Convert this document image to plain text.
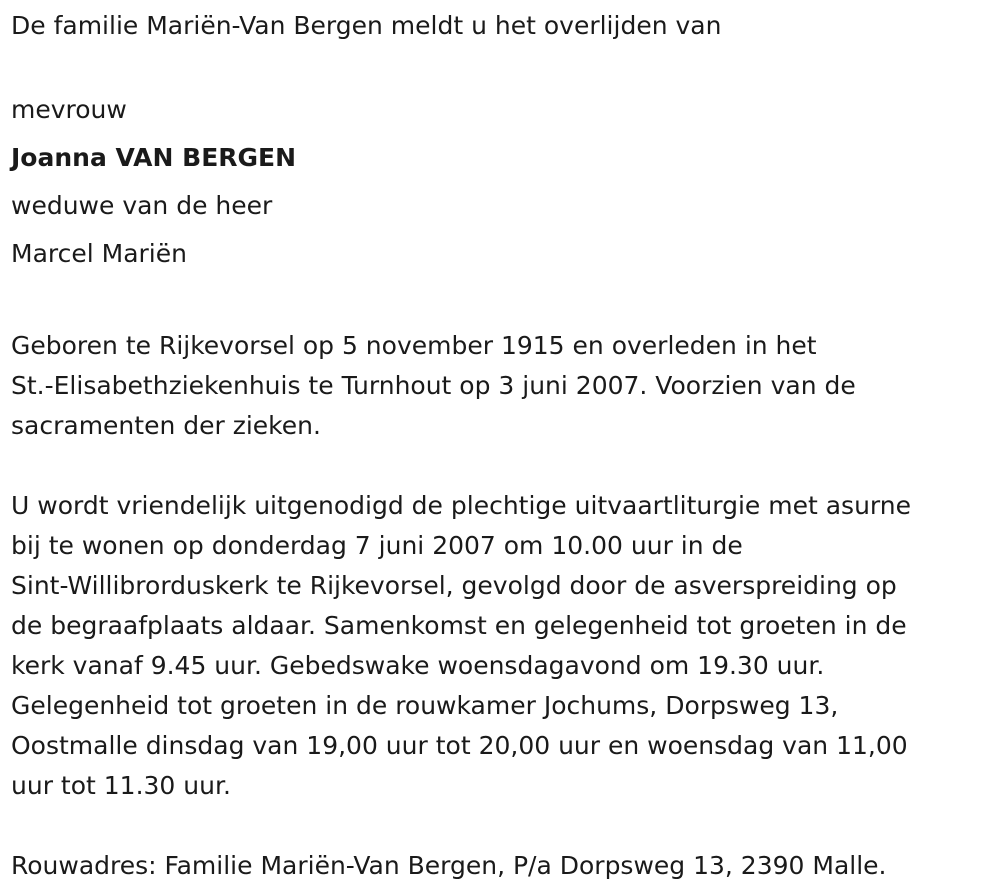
De familie Mariën-Van Bergen meldt u het overlijden van
mevrouw
Joanna VAN BERGEN
weduwe van de heer
Marcel Mariën
Geboren te Rijkevorsel op 5 november 1915 en overleden in het
St.-Elisabethziekenhuis te Turnhout op 3 juni 2007. Voorzien van de
sacramenten der zieken.
U wordt vriendelijk uitgenodigd de plechtige uitvaartliturgie met asurne
bij te wonen op donderdag 7 juni 2007 om 10.00 uur in de
Sint-Willibrorduskerk te Rijkevorsel, gevolgd door de asverspreiding op
de begraafplaats aldaar. Samenkomst en gelegenheid tot groeten in de
kerk vanaf 9.45 uur. Gebedswake woensdagavond om 19.30 uur.
Gelegenheid tot groeten in de rouwkamer Jochums, Dorpsweg 13,
Oostmalle dinsdag van 19,00 uur tot 20,00 uur en woensdag van 11,00
uur tot 11.30 uur.
Rouwadres: Familie Mariën-Van Bergen, P/a Dorpsweg 13, 2390 Malle.
